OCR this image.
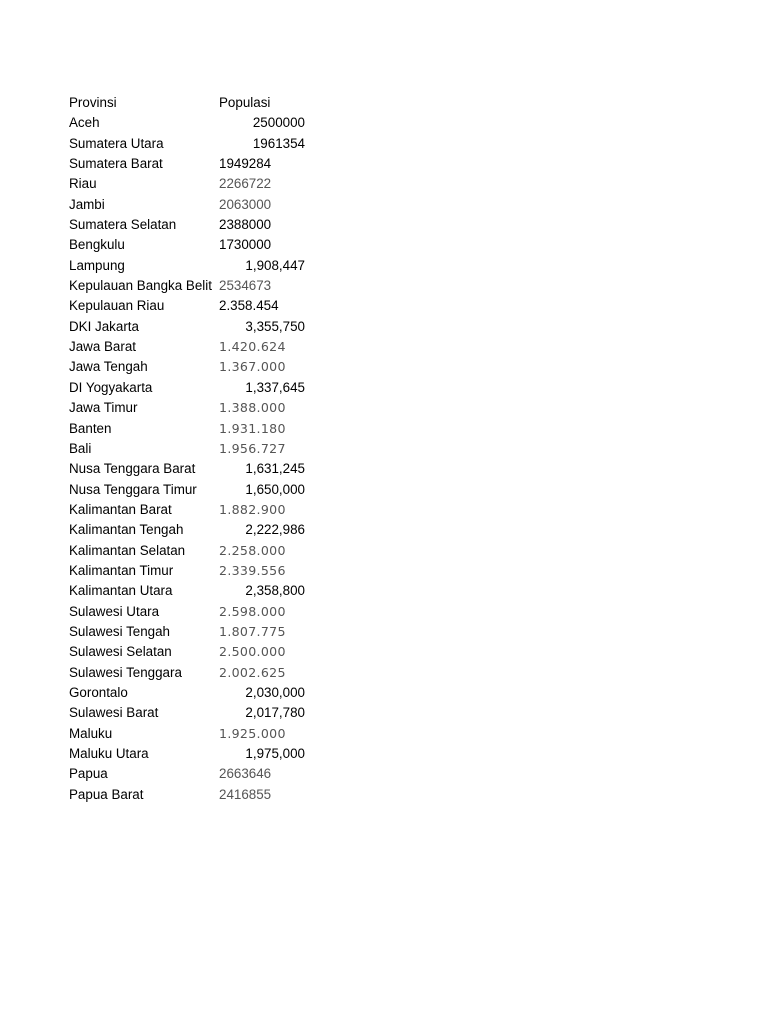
Provinsi	Populasi
Aceh	2500000
Sumatera Utara	1961354
Sumatera Barat	1949284
Riau	2266722
Jambi	2063000
Sumatera Selatan	2388000
Bengkulu	1730000
Lampung	1,908,447
Kepulauan Bangka Belit 2534673
Kepulauan Riau	2.358.454
DKI Jakarta	3,355,750
Jawa Barat	1.420.624
Jawa Tengah	1.367.000
DI Yogyakarta	1,337,645
Jawa Timur	1.388.000
Banten	1.931.180
Bali	1.956.727
Nusa Tenggara Barat	1,631,245
Nusa Tenggara Timur	1,650,000
Kalimantan Barat	1.882.900
Kalimantan Tengah	2,222,986
Kalimantan Selatan	2.258.000
Kalimantan Timur	2.339.556
Kalimantan Utara	2,358,800
Sulawesi Utara	2.598.000
Sulawesi Tengah	1.807.775
Sulawesi Selatan	2.500.000
Sulawesi Tenggara	2.002.625
Gorontalo	2,030,000
Sulawesi Barat	2,017,780
Maluku	1.925.000
Maluku Utara	1,975,000
Papua	2663646
Papua Barat	2416855
